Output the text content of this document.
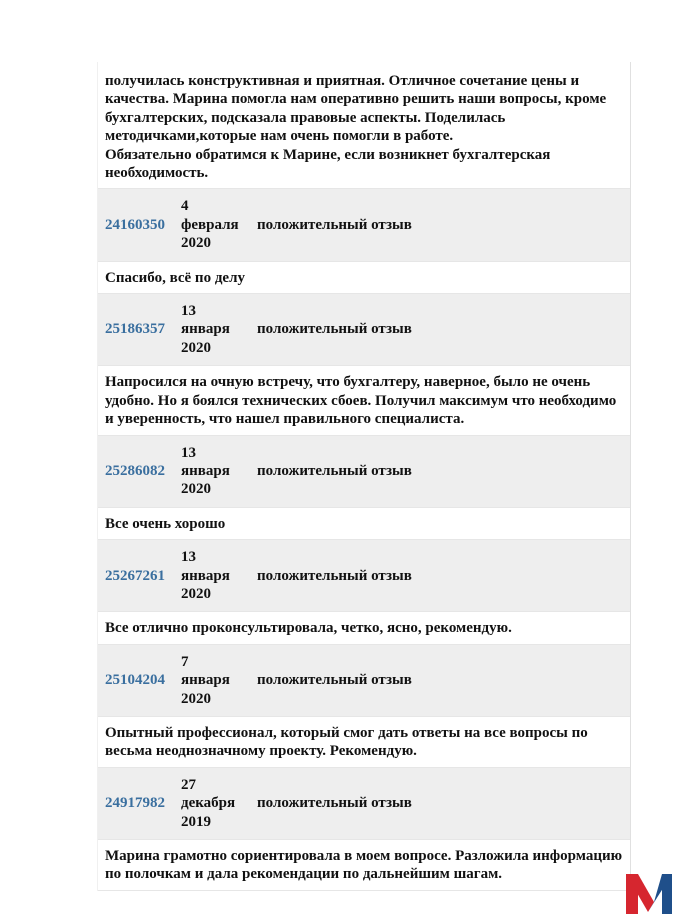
получилась конструктивная и приятная. Отличное сочетание цены и качества. Марина помогла нам оперативно решить наши вопросы, кроме бухгалтерских, подсказала правовые аспекты. Поделилась методичками,которые нам очень помогли в работе.
Обязательно обратимся к Марине, если возникнет бухгалтерская необходимость.
24160350
4
февраля
2020
положительный отзыв
Спасибо, всё по делу
25186357
13
января
2020
положительный отзыв
Напросился на очную встречу, что бухгалтеру, наверное, было не очень удобно. Но я боялся технических сбоев. Получил максимум что необходимо и уверенность, что нашел правильного специалиста.
25286082
13
января
2020
положительный отзыв
Все очень хорошо
25267261
13
января
2020
положительный отзыв
Все отлично проконсультировала, четко, ясно, рекомендую.
25104204
7
января
2020
положительный отзыв
Опытный профессионал, который смог дать ответы на все вопросы по весьма неоднозначному проекту. Рекомендую.
24917982
27
декабря
2019
положительный отзыв
Марина грамотно сориентировала в моем вопросе. Разложила информацию по полочкам и дала рекомендации по дальнейшим шагам.
